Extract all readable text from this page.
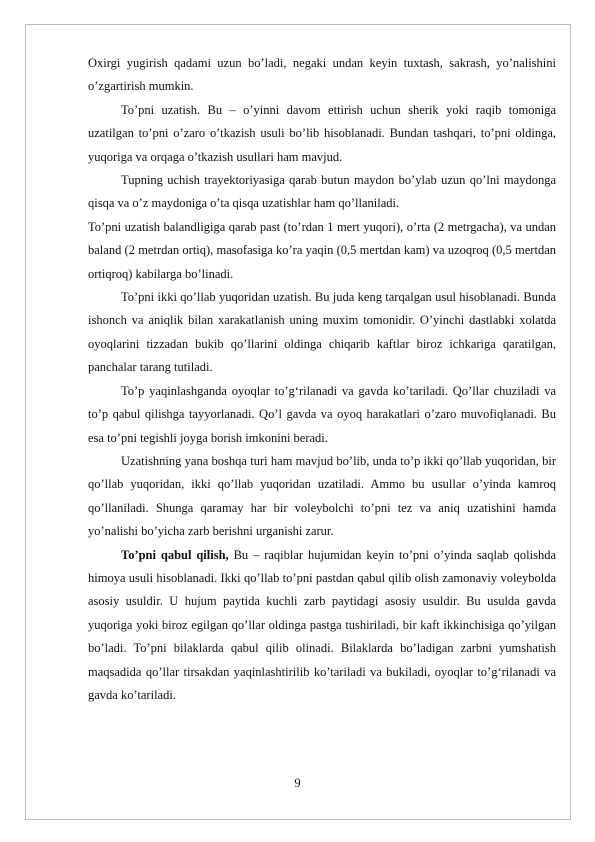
Oxirgi yugirish qadami uzun bo’ladi, negaki undan keyin tuxtash, sakrash, yo’nalishini o’zgartirish mumkin.

To’pni uzatish. Bu – o’yinni davom ettirish uchun sherik yoki raqib tomoniga uzatilgan to’pni o’zaro o’tkazish usuli bo’lib hisoblanadi. Bundan tashqari, to’pni oldinga, yuqoriga va orqaga o’tkazish usullari ham mavjud.

Tupning uchish trayektoriyasiga qarab butun maydon bo’ylab uzun qo’lni maydonga qisqa va o’z maydoniga o’ta qisqa uzatishlar ham qo’llaniladi.

To’pni uzatish balandligiga qarab past (to’rdan 1 mert yuqori), o’rta (2 metrgacha), va undan baland (2 metrdan ortiq), masofasiga ko’ra yaqin (0,5 mertdan kam) va uzoqroq (0,5 mertdan ortiqroq) kabilarga bo’linadi.

To’pni ikki qo’llab yuqoridan uzatish. Bu juda keng tarqalgan usul hisoblanadi. Bunda ishonch va aniqlik bilan xarakatlanish uning muxim tomonidir. O’yinchi dastlabki xolatda oyoqlarini tizzadan bukib qo’llarini oldinga chiqarib kaftlar biroz ichkariga qaratilgan, panchalar tarang tutiladi.

To’p yaqinlashganda oyoqlar to’g‘rilanadi va gavda ko’tariladi. Qo’llar chuziladi va to’p qabul qilishga tayyorlanadi. Qo’l gavda va oyoq harakatlari o’zaro muvofiqlanadi. Bu esa to’pni tegishli joyga borish imkonini beradi.

Uzatishning yana boshqa turi ham mavjud bo’lib, unda to’p ikki qo’llab yuqoridan, bir qo’llab yuqoridan, ikki qo’llab yuqoridan uzatiladi. Ammo bu usullar o’yinda kamroq qo’llaniladi. Shunga qaramay har bir voleybolchi to’pni tez va aniq uzatishini hamda yo’nalishi bo’yicha zarb berishni urganishi zarur.

To’pni qabul qilish, Bu – raqiblar hujumidan keyin to’pni o’yinda saqlab qolishda himoya usuli hisoblanadi. Ikki qo’llab to’pni pastdan qabul qilib olish zamonaviy voleybolda asosiy usuldir. U hujum paytida kuchli zarb paytidagi asosiy usuldir. Bu usulda gavda yuqoriga yoki biroz egilgan qo’llar oldinga pastga tushiriladi, bir kaft ikkinchisiga qo’yilgan bo’ladi. To’pni bilaklarda qabul qilib olinadi. Bilaklarda bo’ladigan zarbni yumshatish maqsadida qo’llar tirsakdan yaqinlashtirilib ko’tariladi va bukiladi, oyoqlar to’g‘rilanadi va gavda ko’tariladi.

9
